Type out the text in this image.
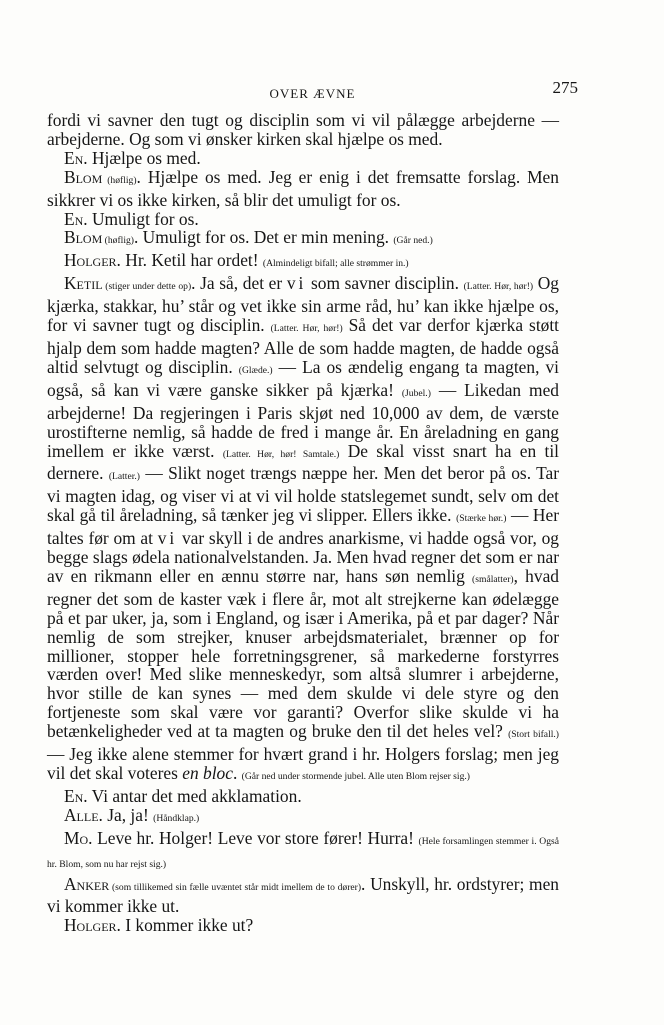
OVER ÆVNE	275

fordi vi savner den tugt og disciplin som vi vil pålægge arbejderne — arbejderne. Og som vi ønsker kirken skal hjælpe os med.

En. Hjælpe os med.

Blom (høflig). Hjælpe os med. Jeg er enig i det fremsatte forslag. Men sikkrer vi os ikke kirken, så blir det umuligt for os.

En. Umuligt for os.

Blom (høflig). Umuligt for os. Det er min mening. (Går ned.)

Holger. Hr. Ketil har ordet! (Almindeligt bifall; alle strømmer in.)

Ketil (stiger under dette op). Ja så, det er vi som savner disciplin. (Latter. Hør, hør!) Og kjærka, stakkar, hu’ står og vet ikke sin arme råd, hu’ kan ikke hjælpe os, for vi savner tugt og disciplin. (Latter. Hør, hør!) Så det var derfor kjærka støtt hjalp dem som hadde magten? Alle de som hadde magten, de hadde også altid selvtugt og disciplin. (Glæde.) — La os ændelig engang ta magten, vi også, så kan vi være ganske sikker på kjærka! (Jubel.) — Likedan med arbejderne! Da regjeringen i Paris skjøt ned 10,000 av dem, de værste urostifterne nemlig, så hadde de fred i mange år. En åreladning en gang imellem er ikke værst. (Latter. Hør, hør! Samtale.) De skal visst snart ha en til dernere. (Latter.) — Slikt noget trængs næppe her. Men det beror på os. Tar vi magten idag, og viser vi at vi vil holde statslegemet sundt, selv om det skal gå til åreladning, så tænker jeg vi slipper. Ellers ikke. (Stærke hør.) — Her taltes før om at vi var skyll i de andres anarkisme, vi hadde også vor, og begge slags ødela nationalvelstanden. Ja. Men hvad regner det som er nar av en rikmann eller en ænnu større nar, hans søn nemlig (smålatter), hvad regner det som de kaster væk i flere år, mot alt strejkerne kan ødelægge på et par uker, ja, som i England, og især i Amerika, på et par dager? Når nemlig de som strejker, knuser arbejdsmaterialet, brænner op for millioner, stopper hele forretningsgrener, så markederne forstyrres værden over! Med slike menneskedyr, som altså slumrer i arbejderne, hvor stille de kan synes — med dem skulde vi dele styre og den fortjeneste som skal være vor garanti? Overfor slike skulde vi ha betænkeligheder ved at ta magten og bruke den til det heles vel? (Stort bifall.) — Jeg ikke alene stemmer for hvært grand i hr. Holgers forslag; men jeg vil det skal voteres en bloc. (Går ned under stormende jubel. Alle uten Blom rejser sig.)

En. Vi antar det med akklamation.

Alle. Ja, ja! (Håndklap.)

Mo. Leve hr. Holger! Leve vor store fører! Hurra! (Hele forsamlingen stemmer i. Også hr. Blom, som nu har rejst sig.)

Anker (som tillikemed sin fælle uvæntet står midt imellem de to dører). Unskyll, hr. ordstyrer; men vi kommer ikke ut.

Holger. I kommer ikke ut?
